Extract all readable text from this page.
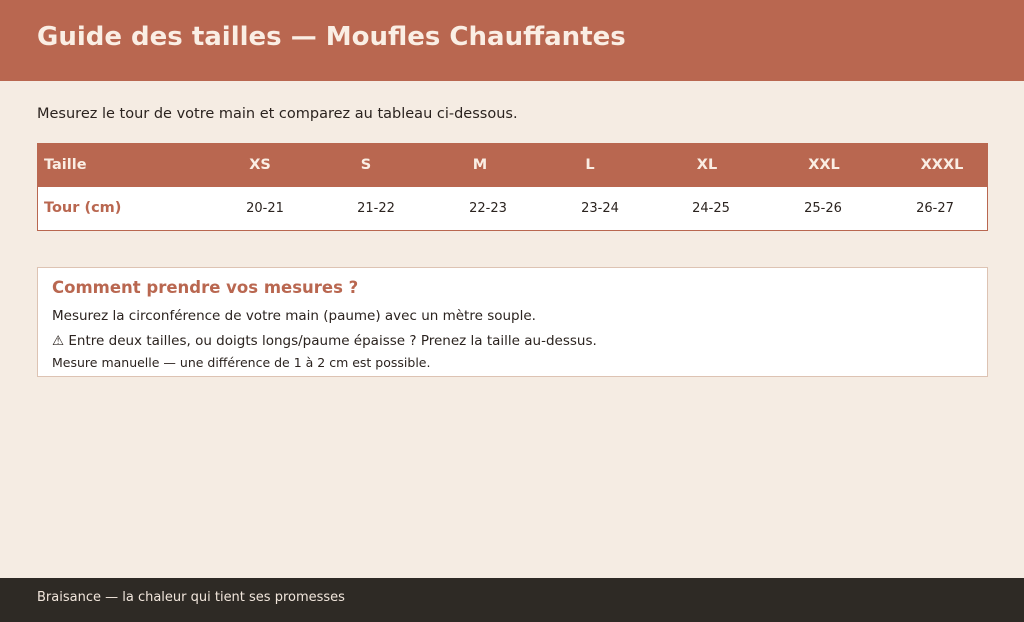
Guide des tailles — Moufles Chauffantes

Mesurez le tour de votre main et comparez au tableau ci-dessous.

Taille	XS	S	M	L	XL	XXL	XXXL
Tour (cm)	20-21	21-22	22-23	23-24	24-25	25-26	26-27
Comment prendre vos mesures ?

Mesurez la circonférence de votre main (paume) avec un mètre souple.

⚠ Entre deux tailles, ou doigts longs/paume épaisse ? Prenez la taille au-dessus.

Mesure manuelle — une différence de 1 à 2 cm est possible.

Braisance — la chaleur qui tient ses promesses
